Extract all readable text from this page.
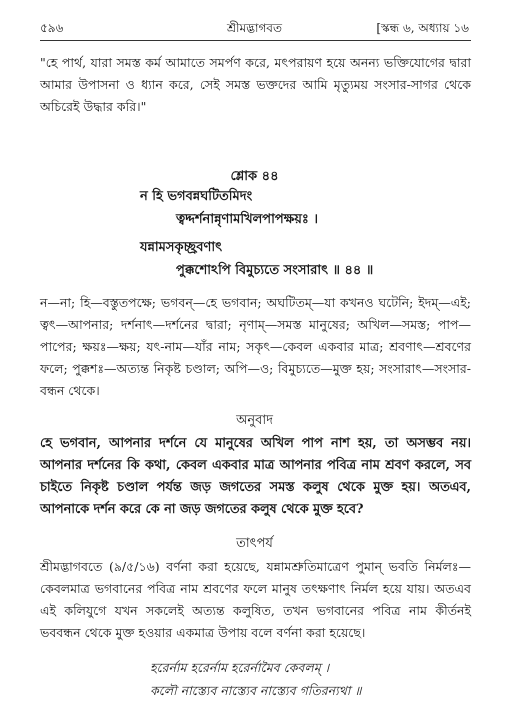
৫৯৬	শ্রীমদ্ভাগবত	[স্কন্ধ ৬, অধ্যায় ১৬
"হে পার্থ, যারা সমস্ত কর্ম আমাতে সমর্পণ করে, মৎপরায়ণ হয়ে অনন্য ভক্তিযোগের দ্বারা আমার উপাসনা ও ধ্যান করে, সেই সমস্ত ভক্তদের আমি মৃত্যুময় সংসার-সাগর থেকে অচিরেই উদ্ধার করি।"
শ্লোক ৪৪
ন হি ভগবন্নঘটিতমিদং
ত্বদ্দর্শনান্নৃণামখিলপাপক্ষয়ঃ ।
যন্নামসকৃচ্ছ্রবণাৎ
পুক্কশোঽপি বিমুচ্যতে সংসারাৎ ॥ ৪৪ ॥
ন—না; হি—বস্তুতপক্ষে; ভগবন্—হে ভগবান; অঘটিতম্—যা কখনও ঘটেনি; ইদম্—এই; ত্বৎ—আপনার; দর্শনাৎ—দর্শনের দ্বারা; নৃণাম্—সমস্ত মানুষের; অখিল—সমস্ত; পাপ—পাপের; ক্ষয়ঃ—ক্ষয়; যৎ-নাম—যাঁর নাম; সকৃৎ—কেবল একবার মাত্র; শ্রবণাৎ—শ্রবণের ফলে; পুক্কশঃ—অত্যন্ত নিকৃষ্ট চণ্ডাল; অপি—ও; বিমুচ্যতে—মুক্ত হয়; সংসারাৎ—সংসার-বন্ধন থেকে।
অনুবাদ
হে ভগবান, আপনার দর্শনে যে মানুষের অখিল পাপ নাশ হয়, তা অসম্ভব নয়। আপনার দর্শনের কি কথা, কেবল একবার মাত্র আপনার পবিত্র নাম শ্রবণ করলে, সব চাইতে নিকৃষ্ট চণ্ডাল পর্যন্ত জড় জগতের সমস্ত কলুষ থেকে মুক্ত হয়। অতএব, আপনাকে দর্শন করে কে না জড় জগতের কলুষ থেকে মুক্ত হবে?
তাৎপর্য
শ্রীমদ্ভাগবতে (৯/৫/১৬) বর্ণনা করা হয়েছে, যন্নামশ্রুতিমাত্রেণ পুমান্ ভবতি নির্মলঃ—কেবলমাত্র ভগবানের পবিত্র নাম শ্রবণের ফলে মানুষ তৎক্ষণাৎ নির্মল হয়ে যায়। অতএব এই কলিযুগে যখন সকলেই অত্যন্ত কলুষিত, তখন ভগবানের পবিত্র নাম কীর্তনই ভববন্ধন থেকে মুক্ত হওয়ার একমাত্র উপায় বলে বর্ণনা করা হয়েছে।
হরের্নাম হরের্নাম হরের্নামৈব কেবলম্ ।
কলৌ নাস্ত্যেব নাস্ত্যেব নাস্ত্যেব গতিরন্যথা ॥
